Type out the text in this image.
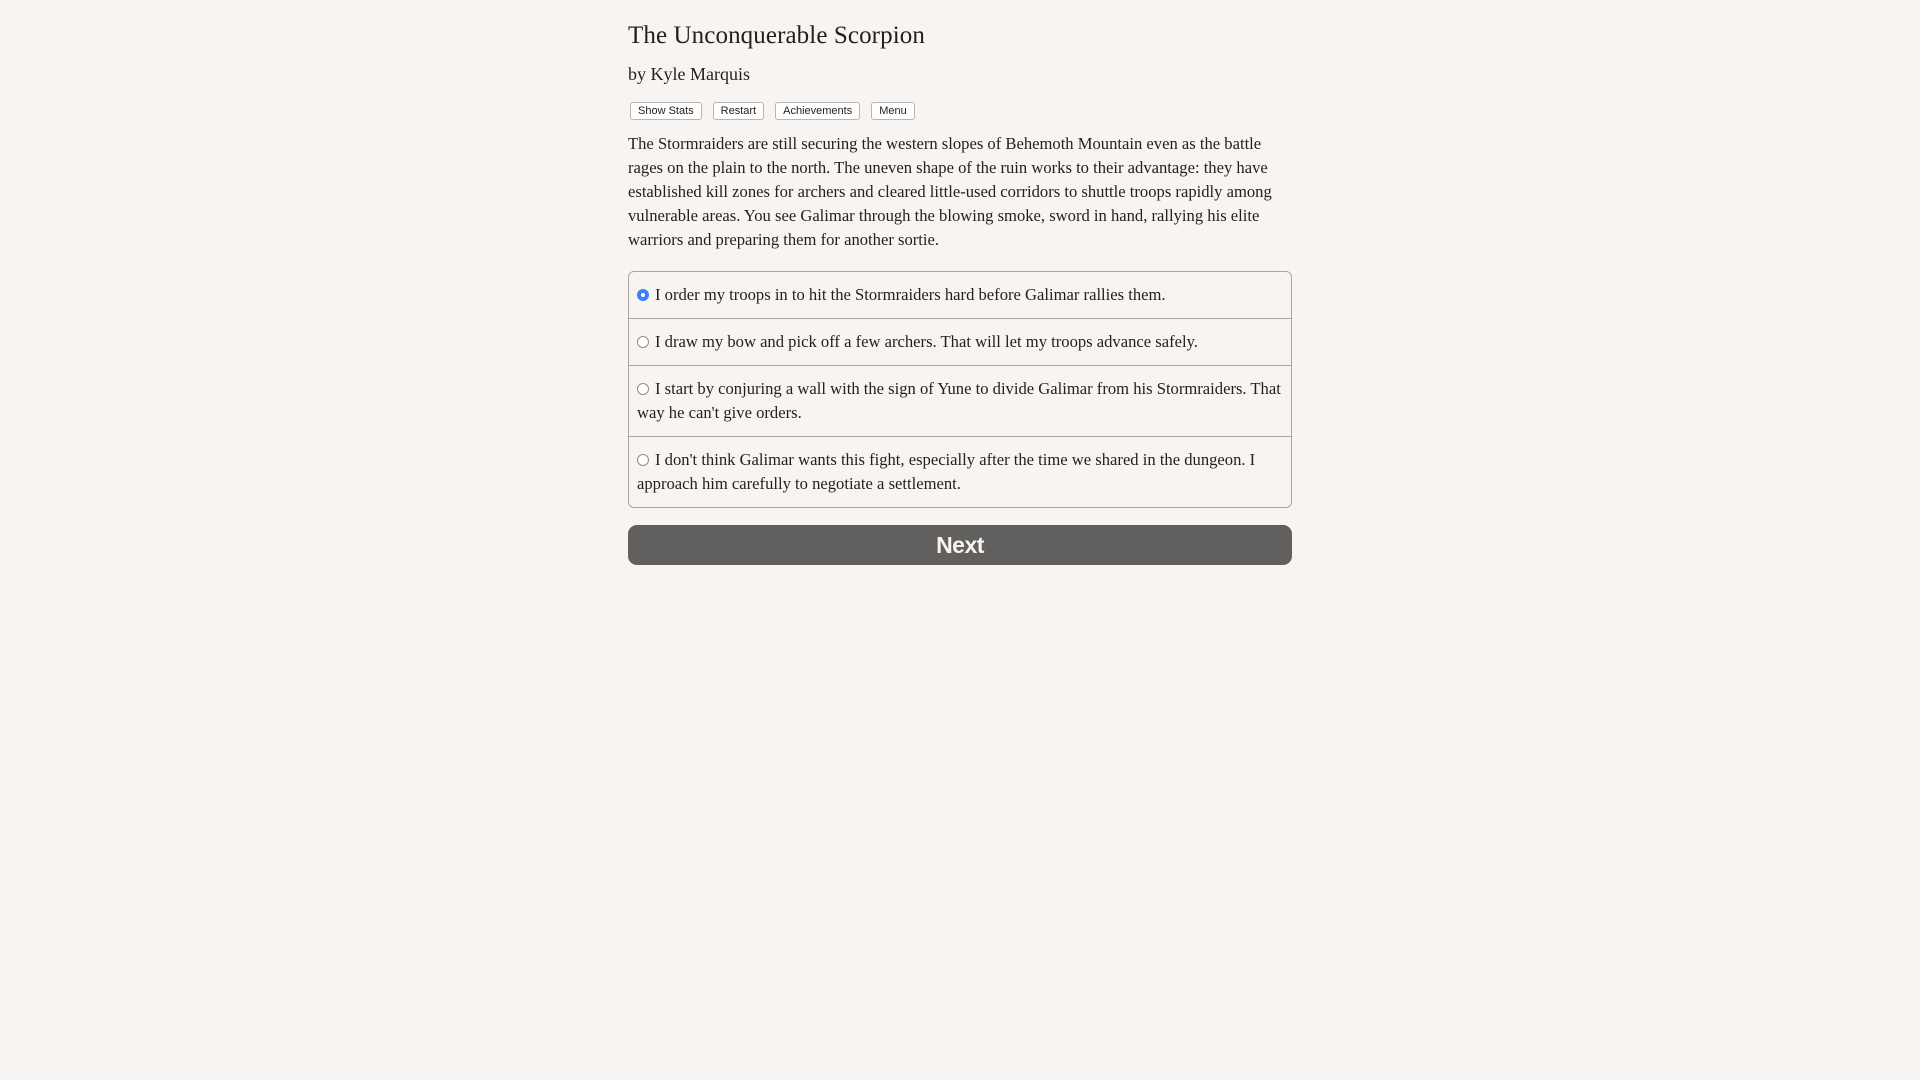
The Unconquerable Scorpion
by Kyle Marquis
Show Stats	Restart	Achievements	Menu

The Stormraiders are still securing the western slopes of Behemoth Mountain even as the battle rages on the plain to the north. The uneven shape of the ruin works to their advantage: they have established kill zones for archers and cleared little-used corridors to shuttle troops rapidly among vulnerable areas. You see Galimar through the blowing smoke, sword in hand, rallying his elite warriors and preparing them for another sortie.

I order my troops in to hit the Stormraiders hard before Galimar rallies them.
I draw my bow and pick off a few archers. That will let my troops advance safely.
I start by conjuring a wall with the sign of Yune to divide Galimar from his Stormraiders. That way he can't give orders.
I don't think Galimar wants this fight, especially after the time we shared in the dungeon. I approach him carefully to negotiate a settlement.
Next
